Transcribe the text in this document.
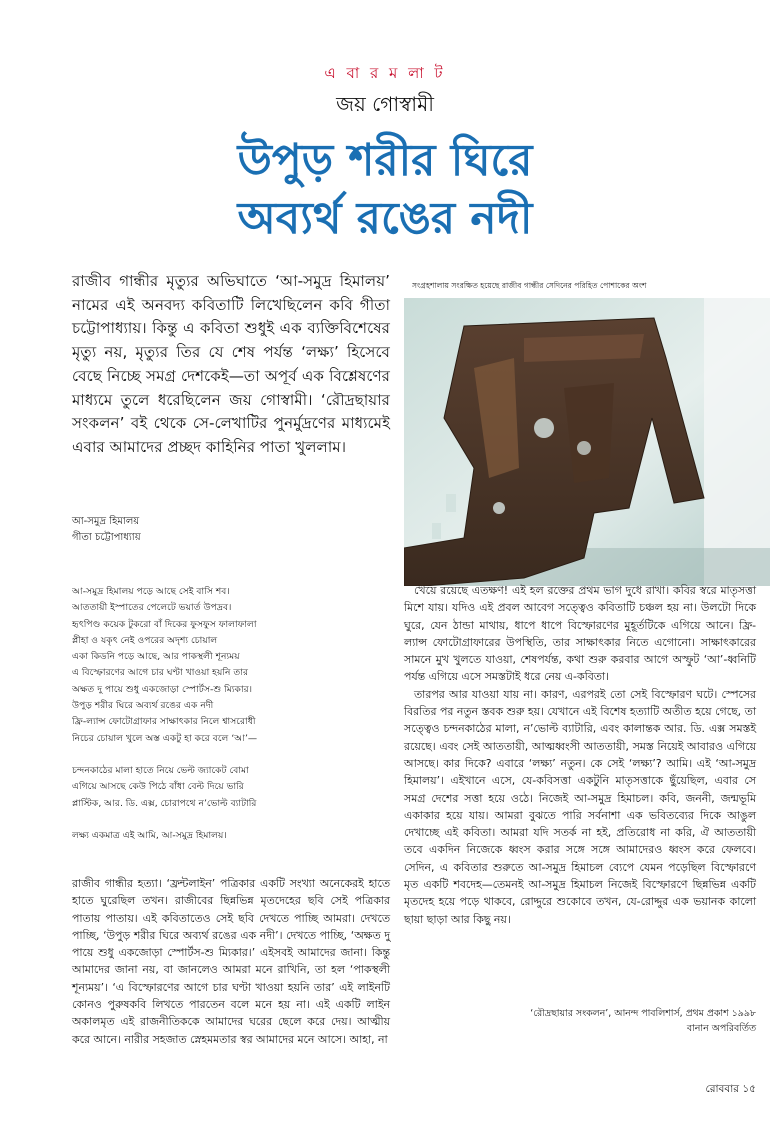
এ বা র ম লা ট
জয় গোস্বামী
উপুড় শরীর ঘিরে
অব্যর্থ রঙের নদী
রাজীব গান্ধীর মৃত্যুর অভিঘাতে ‘আ-সমুদ্র হিমালয়’ নামের এই অনবদ্য কবিতাটি লিখেছিলেন কবি গীতা চট্টোপাধ্যায়। কিন্তু এ কবিতা শুধুই এক ব্যক্তিবিশেষের মৃত্যু নয়, মৃত্যুর তির যে শেষ পর্যন্ত ‘লক্ষ্য’ হিসেবে বেছে নিচ্ছে সমগ্র দেশকেই—তা অপূর্ব এক বিশ্লেষণের মাধ্যমে তুলে ধরেছিলেন জয় গোস্বামী। ‘রৌদ্রছায়ার সংকলন’ বই থেকে সে-লেখাটির পুনর্মুদ্রণের মাধ্যমেই এবার আমাদের প্রচ্ছদ কাহিনির পাতা খুললাম।
সংগ্রহশালায় সংরক্ষিত হয়েছে রাজীব গান্ধীর সেদিনের পরিহিত পোশাকের অংশ
আ-সমুদ্র হিমালয়
গীতা চট্টোপাধ্যায়
আ-সমুদ্র হিমালয় পড়ে আছে সেই বাসি শব।
আততায়ী ইস্পাতের পেলেটে ভয়ার্ত উপদ্রব।
হৃৎপিণ্ড কয়েক টুকরো বাঁ দিকের ফুসফুস ফালাফালা
প্লীহা ও যকৃৎ নেই ওপরের অদৃশ্য চোয়াল
একা কিডনি পড়ে আছে, আর পাকস্থলী শূন্যময়
এ বিস্ফোরণের আগে চার ঘণ্টা খাওয়া হয়নি তার
অক্ষত দু পায়ে শুধু একজোড়া স্পোর্টস-শু ম্যিকার।
উপুড় শরীর ঘিরে অব্যর্থ রঙের এক নদী
ফ্রি-ল্যান্স ফোটোগ্রাফার সাক্ষাৎকার নিলে শ্বাসরোধী
নিচের চোয়াল খুলে অস্ত একটু হা করে বলে ‘আ’—
চন্দনকাঠের মালা হাতে নিয়ে ভেল্ট জ্যাকেট বোমা
এগিয়ে আসছে কেউ পিঠে বাঁধা বেল্ট দিয়ে ভারি
প্লাস্টিক, আর. ডি. এক্স, চোরাপথে ন’ভোল্ট ব্যাটারি
লক্ষ্য একমাত্র এই আমি, আ-সমুদ্র হিমালয়।
রাজীব গান্ধীর হত্যা। ‘ফ্রন্টলাইন’ পত্রিকার একটি সংখ্যা অনেকেরই হাতে হাতে ঘুরেছিল তখন। রাজীবের ছিন্নভিন্ন মৃতদেহের ছবি সেই পত্রিকার পাতায় পাতায়। এই কবিতাতেও সেই ছবি দেখতে পাচ্ছি আমরা। দেখতে পাচ্ছি, ‘উপুড় শরীর ঘিরে অব্যর্থ রঙের এক নদী’। দেখতে পাচ্ছি, ‘অক্ষত দু পায়ে শুধু একজোড়া স্পোর্টস-শু ম্যিকার।’ এইসবই আমাদের জানা। কিন্তু আমাদের জানা নয়, বা জানলেও আমরা মনে রাখিনি, তা হল ‘পাকস্থলী শূন্যময়’। ‘এ বিস্ফোরণের আগে চার ঘণ্টা খাওয়া হয়নি তার’ এই লাইনটি কোনও পুরুষকবি লিখতে পারতেন বলে মনে হয় না। এই একটি লাইন অকালমৃত এই রাজনীতিককে আমাদের ঘরের ছেলে করে দেয়। আত্মীয় করে আনে। নারীর সহজাত স্নেহমমতার স্বর আমাদের মনে আসে। আহা, না

খেয়ে রয়েছে এতক্ষণ! এই হল রক্তের প্রথম ভাগ দুধে রাখা। কবির স্বরে মাতৃসত্তা মিশে যায়। যদিও এই প্রবল আবেগ সত্ত্বেও কবিতাটি চঞ্চল হয় না। উলটো দিকে ঘুরে, যেন ঠান্ডা মাথায়, ধাপে ধাপে বিস্ফোরণের মুহূর্তটিকে এগিয়ে আনে। ফ্রি-ল্যান্স ফোটোগ্রাফারের উপস্থিতি, তার সাক্ষাৎকার নিতে এগোনো। সাক্ষাৎকারের সামনে মুখ খুলতে যাওয়া, শেষপর্যন্ত, কথা শুরু করবার আগে অস্ফুট ‘আ’-ধ্বনিটি পর্যন্ত এগিয়ে এসে সমস্তটাই ধরে নেয় এ-কবিতা।

তারপর আর যাওয়া যায় না। কারণ, এরপরই তো সেই বিস্ফোরণ ঘটে। স্পেসের বিরতির পর নতুন স্তবক শুরু হয়। যেখানে এই বিশেষ হত্যাটি অতীত হয়ে গেছে, তা সত্ত্বেও চন্দনকাঠের মালা, ন’ভোল্ট ব্যাটারি, এবং কালান্তক আর. ডি. এক্স সমস্তই রয়েছে। এবং সেই আততায়ী, আত্মধ্বংসী আততায়ী, সমস্ত নিয়েই আবারও এগিয়ে আসছে। কার দিকে? এবারে ‘লক্ষ্য’ নতুন। কে সেই ‘লক্ষ্য’? আমি। এই ‘আ-সমুদ্র হিমালয়’। এইখানে এসে, যে-কবিসত্তা একটুনি মাতৃসত্তাকে ছুঁয়েছিল, এবার সে সমগ্র দেশের সত্তা হয়ে ওঠে। নিজেই আ-সমুদ্র হিমাচল। কবি, জননী, জন্মভূমি একাকার হয়ে যায়। আমরা বুঝতে পারি সর্বনাশা এক ভবিতব্যের দিকে আঙুল দেখাচ্ছে এই কবিতা। আমরা যদি সতর্ক না হই, প্রতিরোধ না করি, ঐ আততায়ী তবে একদিন নিজেকে ধ্বংস করার সঙ্গে সঙ্গে আমাদেরও ধ্বংস করে ফেলবে। সেদিন, এ কবিতার শুরুতে আ-সমুদ্র হিমাচল ব্যেপে যেমন পড়েছিল বিস্ফোরণে মৃত একটি শবদেহ—তেমনই আ-সমুদ্র হিমাচল নিজেই বিস্ফোরণে ছিন্নভিন্ন একটি মৃতদেহ হয়ে পড়ে থাকবে, রোদ্দুরে শুকোবে তখন, যে-রোদ্দুর এক ভয়ানক কালো ছায়া ছাড়া আর কিছু নয়।

‘রৌদ্রছায়ার সংকলন’, আনন্দ পাবলিশার্স, প্রথম প্রকাশ ১৯৯৮
বানান অপরিবর্তিত
রোববার ১৫
